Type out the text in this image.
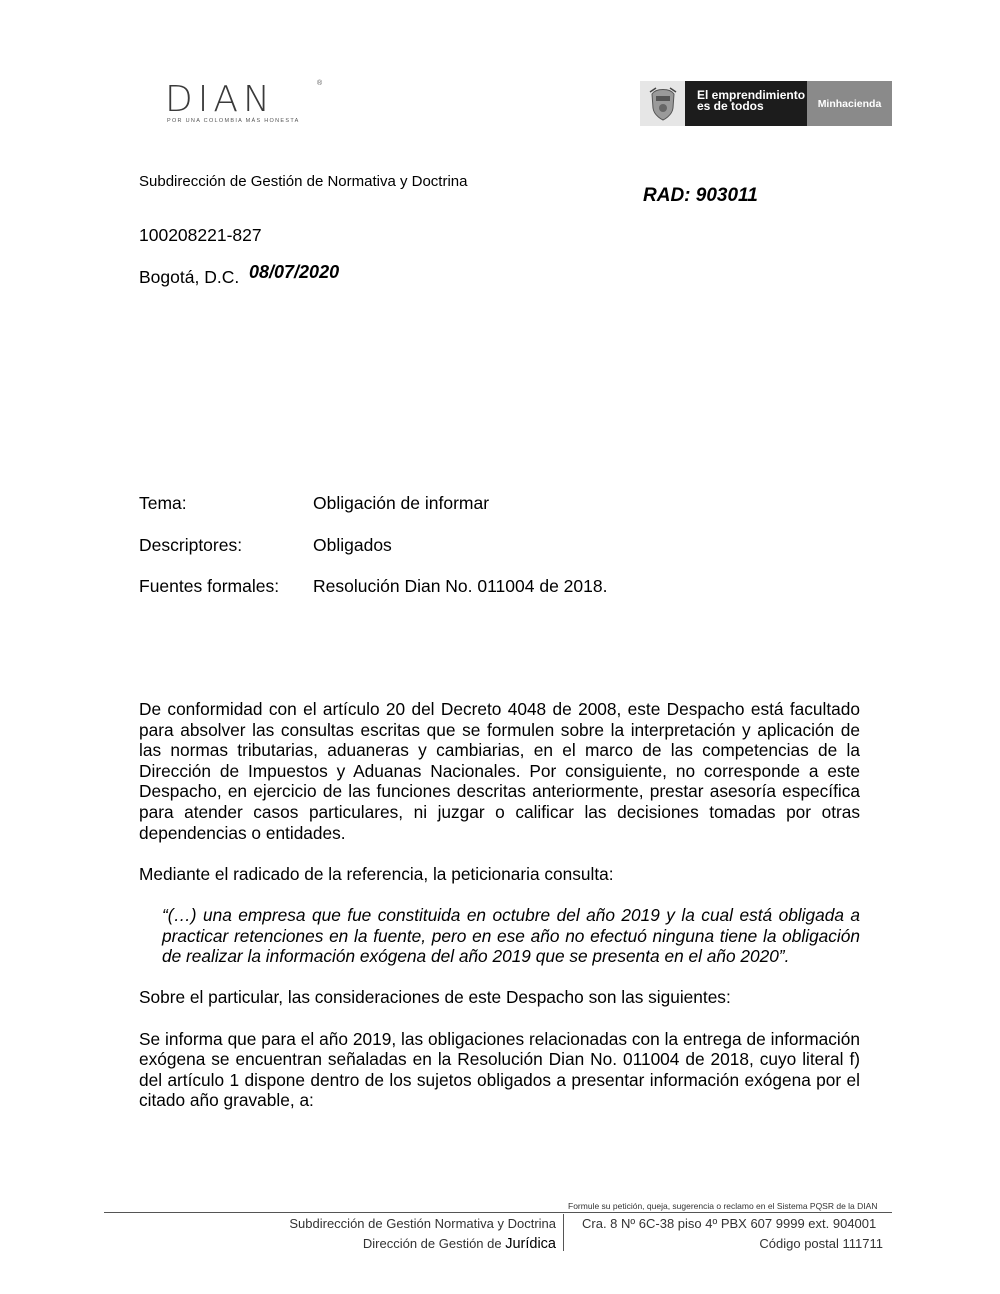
DIAN	®
POR UNA COLOMBIA MÁS HONESTA
El emprendimiento
es de todos	Minhacienda
Subdirección de Gestión de Normativa y Doctrina
RAD: 903011
100208221-827
Bogotá, D.C. 08/07/2020
Tema:	Obligación de informar
Descriptores:	Obligados
Fuentes formales: Resolución Dian No. 011004 de 2018.

De conformidad con el artículo 20 del Decreto 4048 de 2008, este Despacho está facultado para absolver las consultas escritas que se formulen sobre la interpretación y aplicación de las normas tributarias, aduaneras y cambiarias, en el marco de las competencias de la Dirección de Impuestos y Aduanas Nacionales. Por consiguiente, no corresponde a este Despacho, en ejercicio de las funciones descritas anteriormente, prestar asesoría específica para atender casos particulares, ni juzgar o calificar las decisiones tomadas por otras dependencias o entidades.

Mediante el radicado de la referencia, la peticionaria consulta:

“(…) una empresa que fue constituida en octubre del año 2019 y la cual está obligada a practicar retenciones en la fuente, pero en ese año no efectuó ninguna tiene la obligación de realizar la información exógena del año 2019 que se presenta en el año 2020”.

Sobre el particular, las consideraciones de este Despacho son las siguientes:

Se informa que para el año 2019, las obligaciones relacionadas con la entrega de información exógena se encuentran señaladas en la Resolución Dian No. 011004 de 2018, cuyo literal f) del artículo 1 dispone dentro de los sujetos obligados a presentar información exógena por el citado año gravable, a:

Formule su petición, queja, sugerencia o reclamo en el Sistema PQSR de la DIAN
Subdirección de Gestión Normativa y Doctrina
Dirección de Gestión de Jurídica
Cra. 8 Nº 6C-38 piso 4º PBX 607 9999 ext. 904001
Código postal 111711
